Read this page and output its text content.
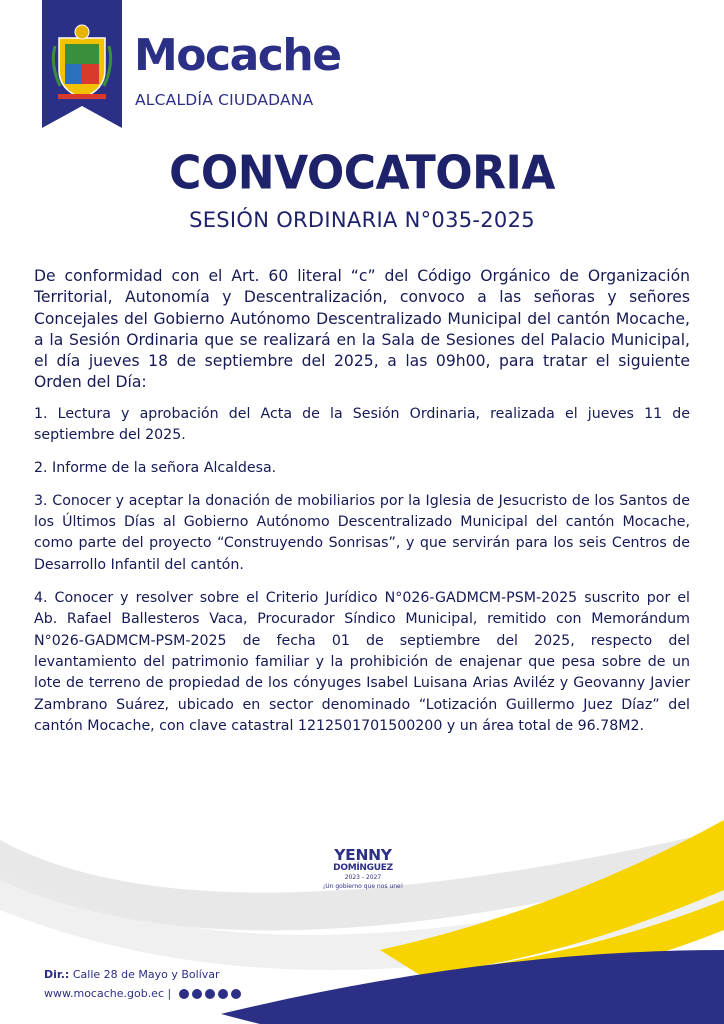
Mocache
ALCALDÍA CIUDADANA
CONVOCATORIA
SESIÓN ORDINARIA N°035-2025

De conformidad con el Art. 60 literal “c” del Código Orgánico de Organización Territorial, Autonomía y Descentralización, convoco a las señoras y señores Concejales del Gobierno Autónomo Descentralizado Municipal del cantón Mocache, a la Sesión Ordinaria que se realizará en la Sala de Sesiones del Palacio Municipal, el día jueves 18 de septiembre del 2025, a las 09h00, para tratar el siguiente Orden del Día:

1. Lectura y aprobación del Acta de la Sesión Ordinaria, realizada el jueves 11 de septiembre del 2025.

2. Informe de la señora Alcaldesa.

3. Conocer y aceptar la donación de mobiliarios por la Iglesia de Jesucristo de los Santos de los Últimos Días al Gobierno Autónomo Descentralizado Municipal del cantón Mocache, como parte del proyecto “Construyendo Sonrisas”, y que servirán para los seis Centros de Desarrollo Infantil del cantón.

4. Conocer y resolver sobre el Criterio Jurídico N°026-GADMCM-PSM-2025 suscrito por el Ab. Rafael Ballesteros Vaca, Procurador Síndico Municipal, remitido con Memorándum N°026-GADMCM-PSM-2025 de fecha 01 de septiembre del 2025, respecto del levantamiento del patrimonio familiar y la prohibición de enajenar que pesa sobre de un lote de terreno de propiedad de los cónyuges Isabel Luisana Arias Aviléz y Geovanny Javier Zambrano Suárez, ubicado en sector denominado “Lotización Guillermo Juez Díaz” del cantón Mocache, con clave catastral 1212501701500200 y un área total de 96.78M2.

YENNY
DOMÍNGUEZ
2023 - 2027
¡Un gobierno que nos une!
Dir.: Calle 28 de Mayo y Bolívar
www.mocache.gob.ec |
